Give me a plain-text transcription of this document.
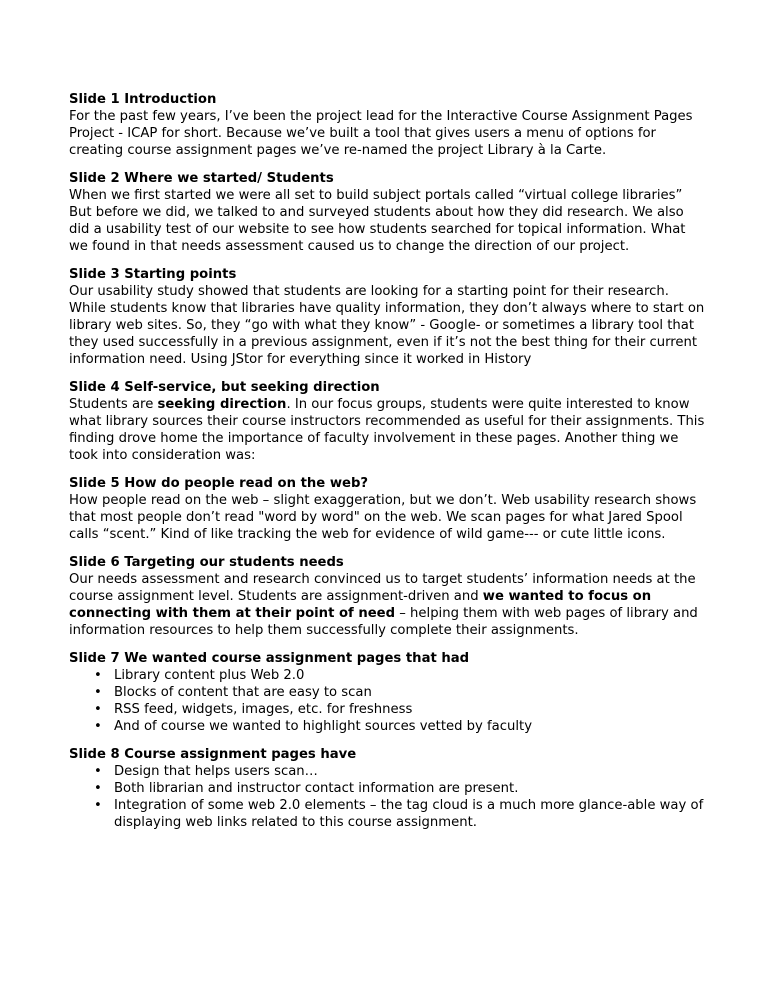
Slide 1 Introduction
For the past few years, I’ve been the project lead for the Interactive Course Assignment Pages Project - ICAP for short. Because we’ve built a tool that gives users a menu of options for creating course assignment pages we’ve re-named the project Library à la Carte.
Slide 2 Where we started/ Students
When we first started we were all set to build subject portals called “virtual college libraries” But before we did, we talked to and surveyed students about how they did research. We also did a usability test of our website to see how students searched for topical information. What we found in that needs assessment caused us to change the direction of our project.
Slide 3 Starting points
Our usability study showed that students are looking for a starting point for their research. While students know that libraries have quality information, they don’t always where to start on library web sites. So, they “go with what they know” - Google- or sometimes a library tool that they used successfully in a previous assignment, even if it’s not the best thing for their current information need. Using JStor for everything since it worked in History
Slide 4 Self-service, but seeking direction
Students are seeking direction. In our focus groups, students were quite interested to know what library sources their course instructors recommended as useful for their assignments. This finding drove home the importance of faculty involvement in these pages. Another thing we took into consideration was:
Slide 5 How do people read on the web?
How people read on the web – slight exaggeration, but we don’t. Web usability research shows that most people don’t read "word by word" on the web. We scan pages for what Jared Spool calls “scent.” Kind of like tracking the web for evidence of wild game--- or cute little icons.
Slide 6 Targeting our students needs
Our needs assessment and research convinced us to target students’ information needs at the course assignment level. Students are assignment-driven and we wanted to focus on connecting with them at their point of need – helping them with web pages of library and information resources to help them successfully complete their assignments.
Slide 7 We wanted course assignment pages that had
• Library content plus Web 2.0
• Blocks of content that are easy to scan
• RSS feed, widgets, images, etc. for freshness
• And of course we wanted to highlight sources vetted by faculty
Slide 8 Course assignment pages have
• Design that helps users scan…
• Both librarian and instructor contact information are present.
• Integration of some web 2.0 elements – the tag cloud is a much more glance-able way of displaying web links related to this course assignment.
